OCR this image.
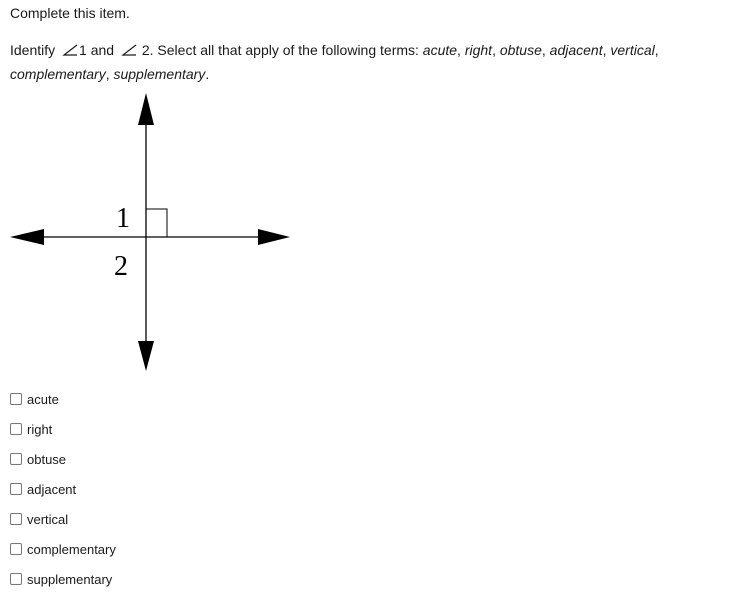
Complete this item.
Identify 1 and 2. Select all that apply of the following terms: acute, right, obtuse, adjacent, vertical, complementary, supplementary.
1
2
acute
right
obtuse
adjacent
vertical
complementary
supplementary
